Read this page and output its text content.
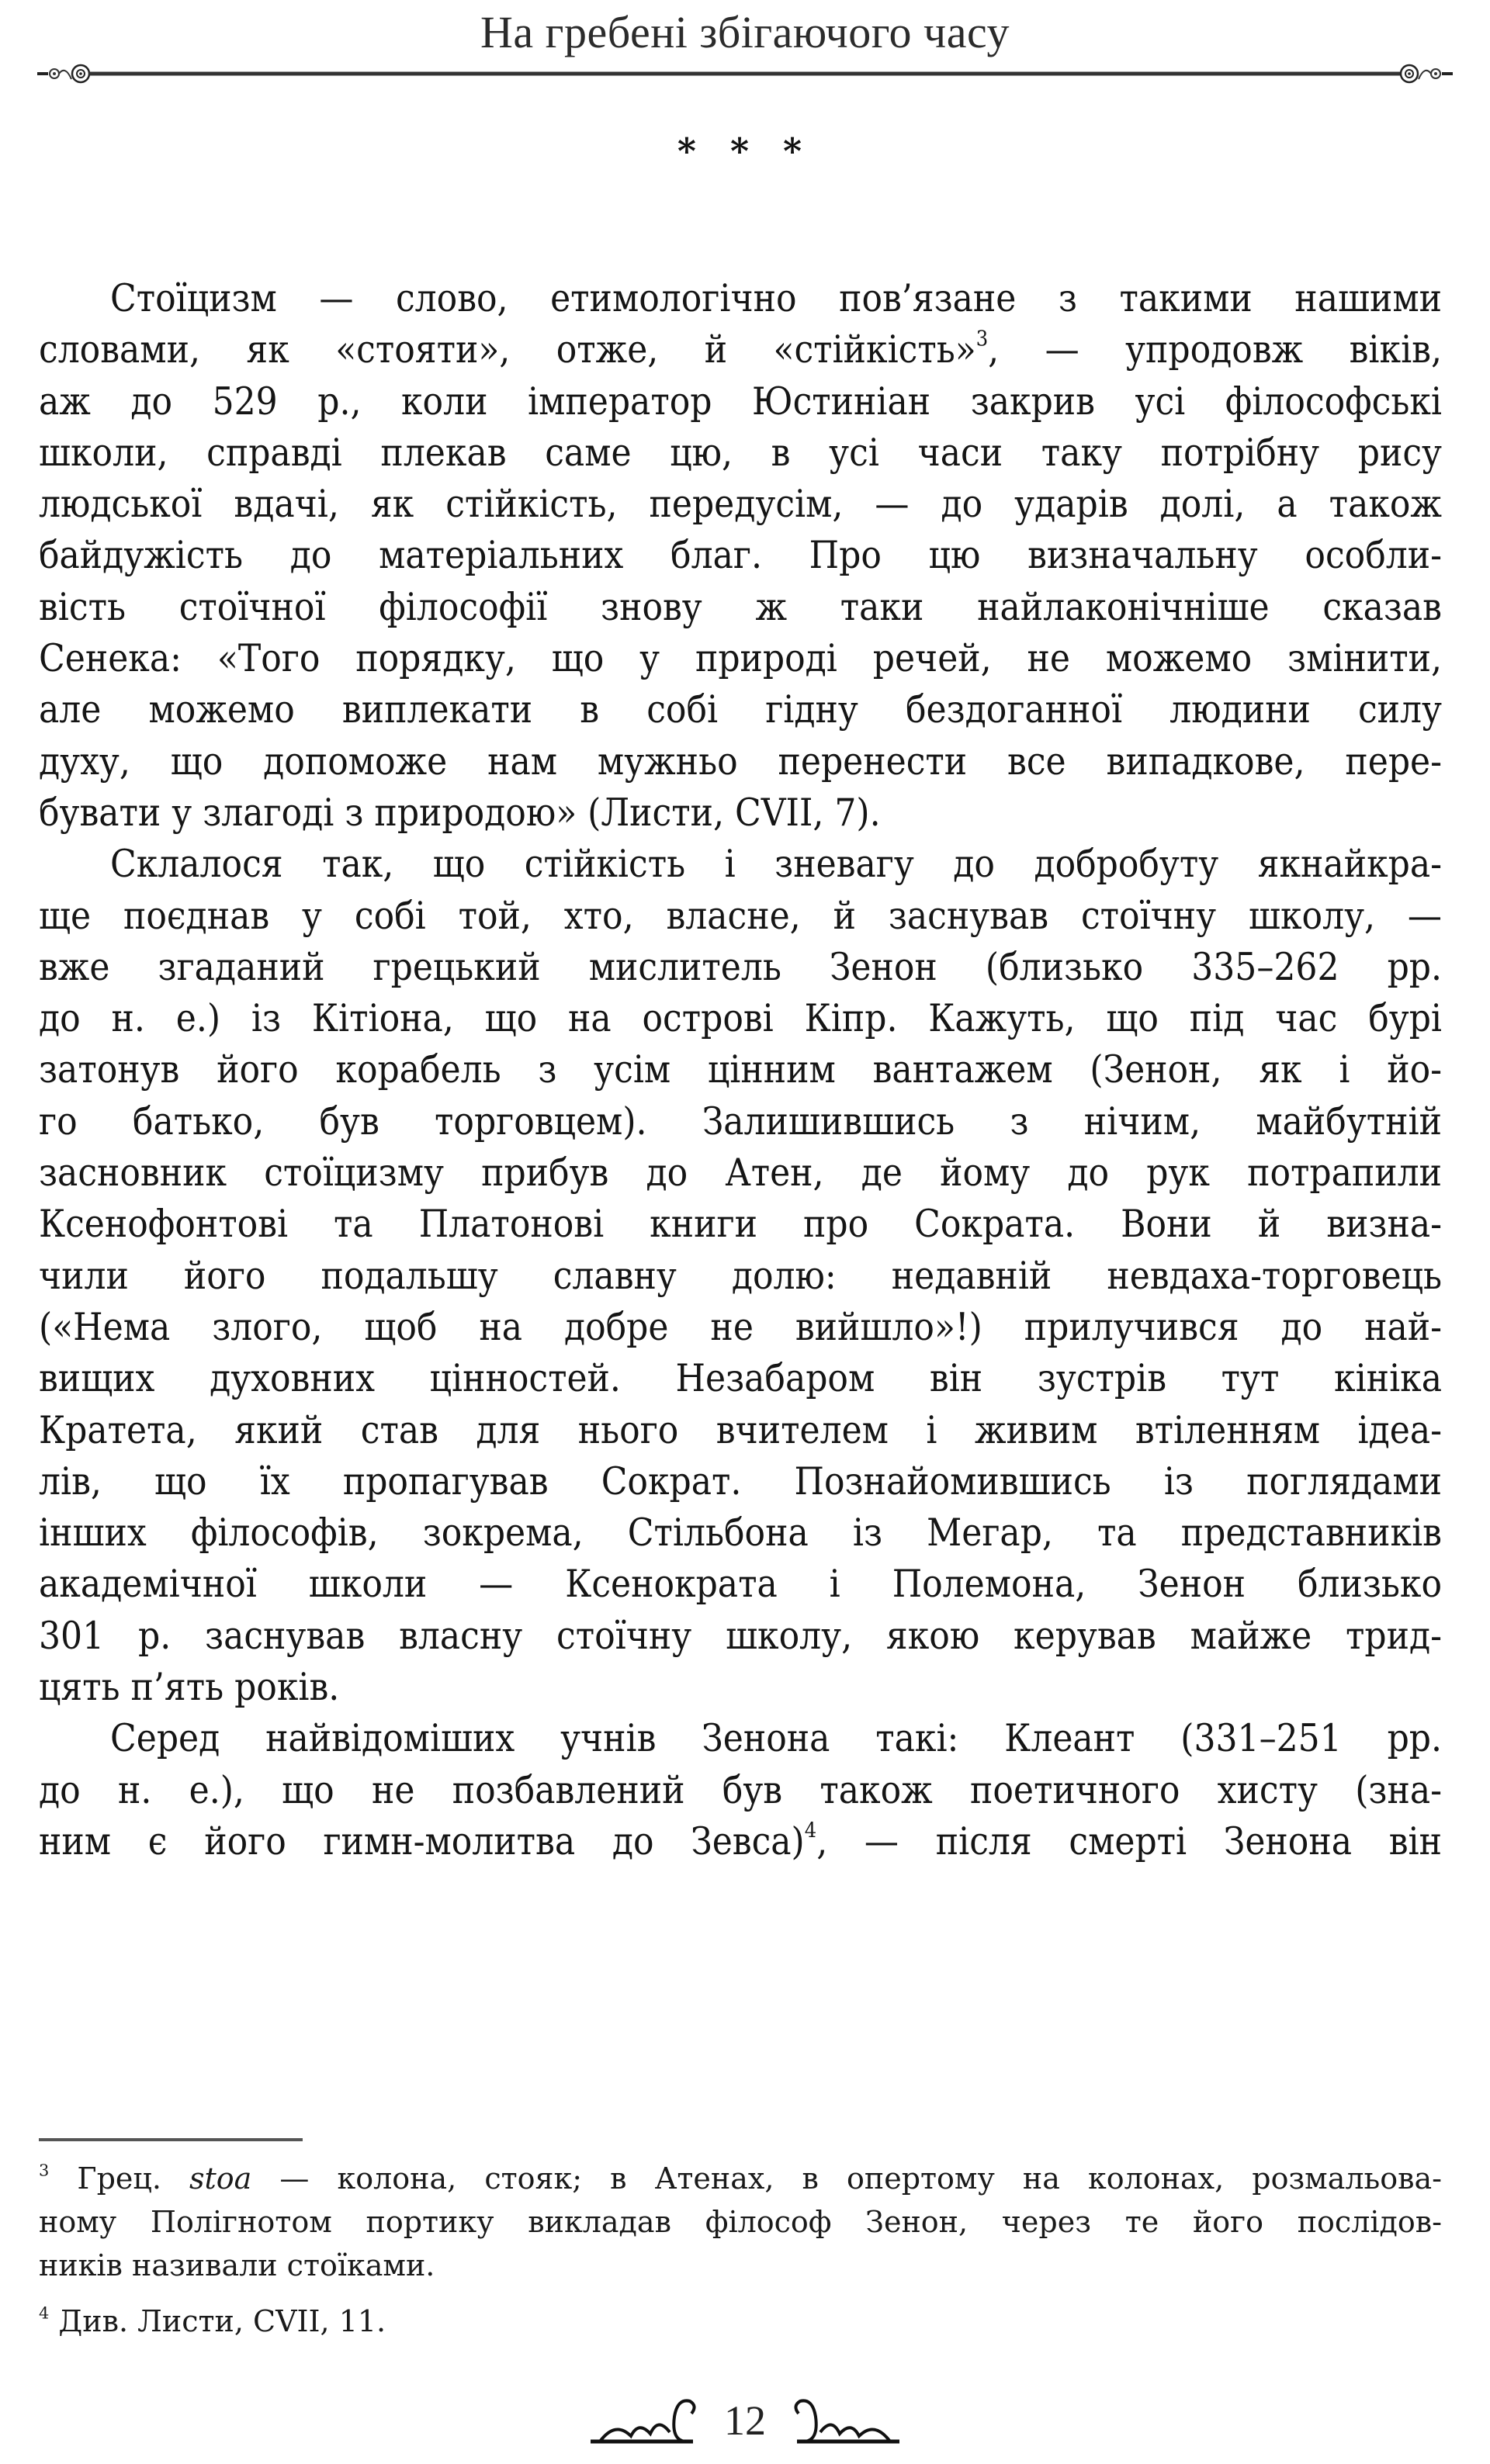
На гребені збігаючого часу
* * *
Стоїцизм — слово, етимологічно пов’язане з такими нашими
словами, як «стояти», отже, й «стійкість»$^3$, — упродовж віків,
аж до 529 р., коли імператор Юстиніан закрив усі філософські
школи, справді плекав саме цю, в усі часи таку потрібну рису
людської вдачі, як стійкість, передусім, — до ударів долі, а також
байдужість до матеріальних благ. Про цю визначальну особли-
вість стоїчної філософії знову ж таки найлаконічніше сказав
Сенека: «Того порядку, що у природі речей, не можемо змінити,
але можемо виплекати в собі гідну бездоганної людини силу
духу, що допоможе нам мужньо перенести все випадкове, пере-
бувати у злагоді з природою» (Листи, CVII, 7).
Склалося так, що стійкість і зневагу до добробуту якнайкра-
ще поєднав у собі той, хто, власне, й заснував стоїчну школу, —
вже згаданий грецький мислитель Зенон (близько 335–262 рр.
до н. е.) із Кітіона, що на острові Кіпр. Кажуть, що під час бурі
затонув його корабель з усім цінним вантажем (Зенон, як і йо-
го батько, був торговцем). Залишившись з нічим, майбутній
засновник стоїцизму прибув до Атен, де йому до рук потрапили
Ксенофонтові та Платонові книги про Сократа. Вони й визна-
чили його подальшу славну долю: недавній невдаха-торговець
(«Нема злого, щоб на добре не вийшло»!) прилучився до най-
вищих духовних цінностей. Незабаром він зустрів тут кініка
Кратета, який став для нього вчителем і живим втіленням ідеа-
лів, що їх пропагував Сократ. Познайомившись із поглядами
інших філософів, зокрема, Стільбона із Мегар, та представників
академічної школи — Ксенократа і Полемона, Зенон близько
301 р. заснував власну стоїчну школу, якою керував майже трид-
цять п’ять років.
Серед найвідоміших учнів Зенона такі: Клеант (331–251 рр.
до н. е.), що не позбавлений був також поетичного хисту (зна-
ним є його гимн-молитва до Зевса)$^4$, — після смерті Зенона він
$^3$ Грец. stoa — колона, стояк; в Атенах, в опертому на колонах, розмальова-
ному Полігнотом портику викладав філософ Зенон, через те його послідов-
ників називали стоїками.
$^4$ Див. Листи, CVII, 11.
12
